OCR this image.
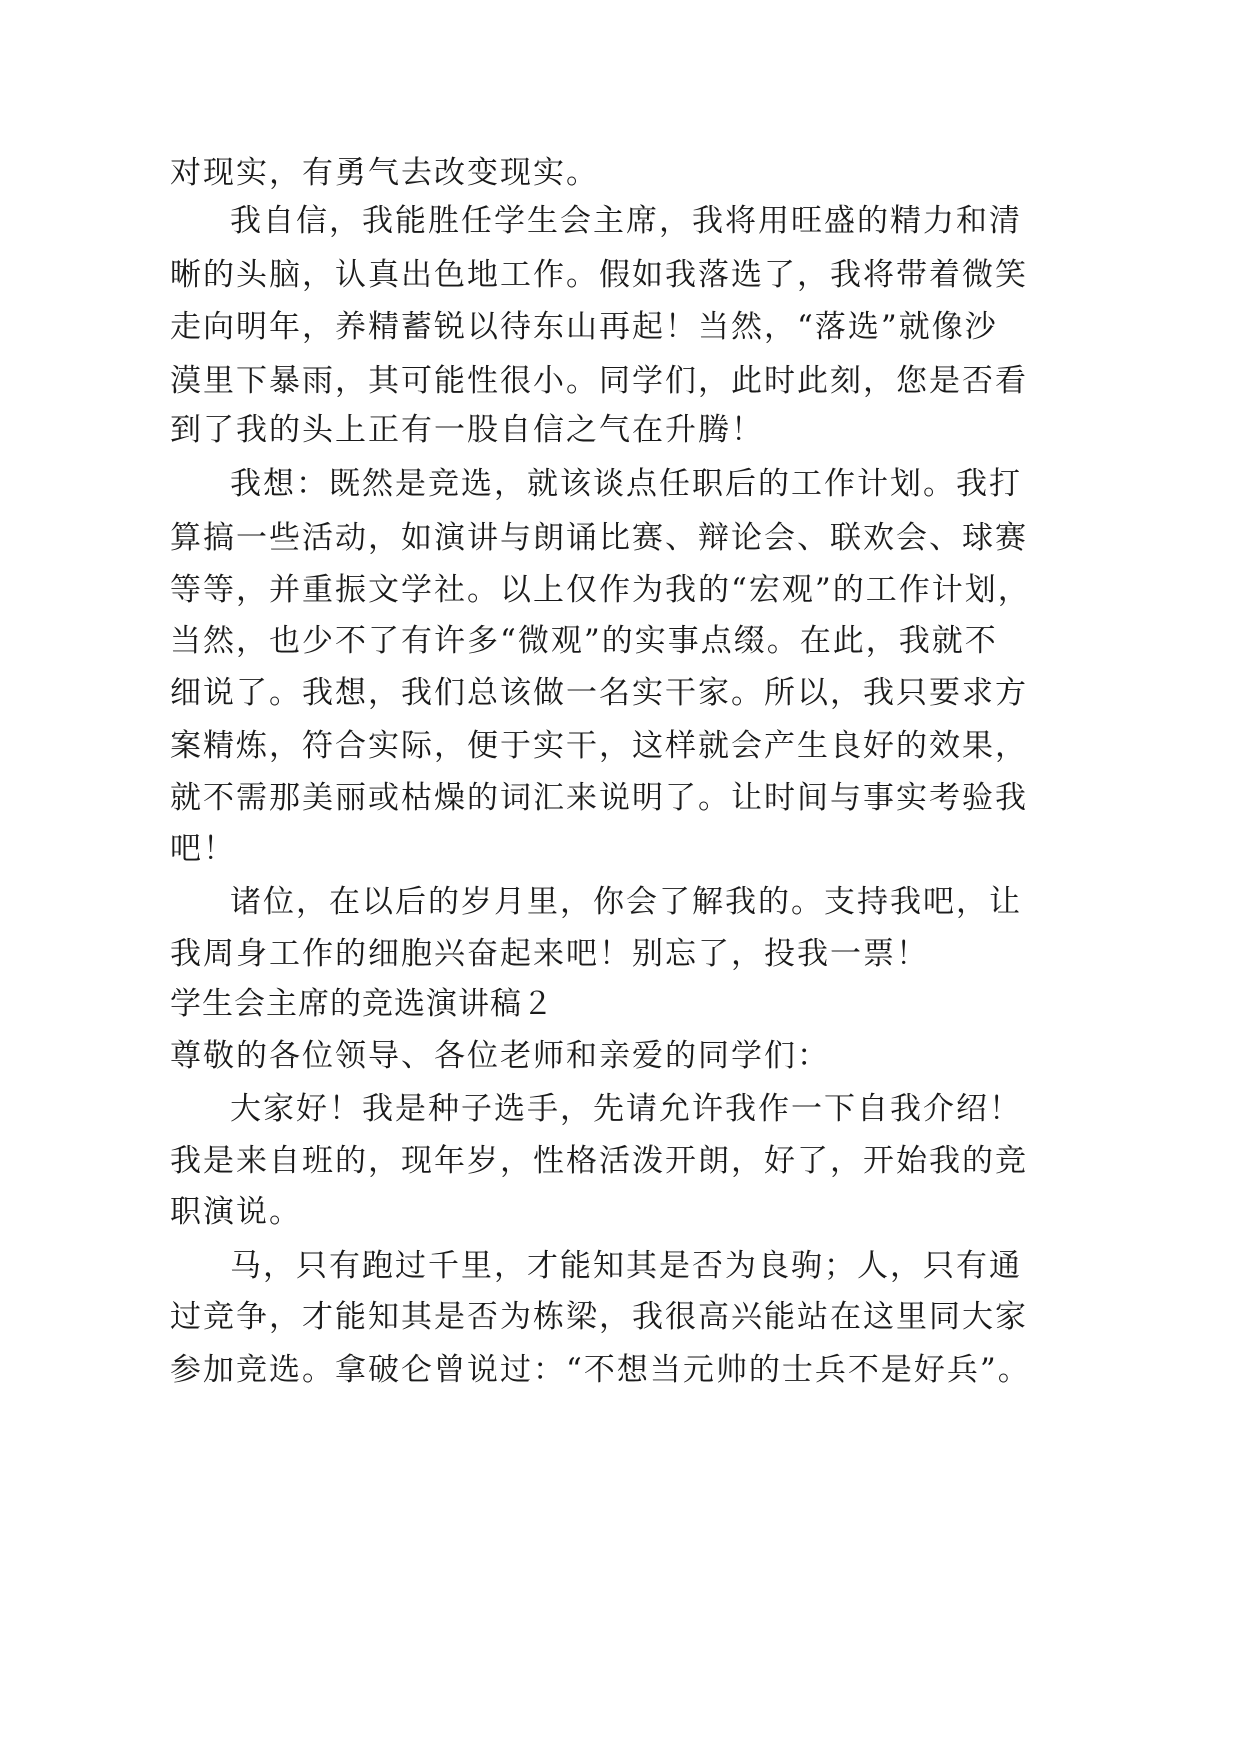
对现实，有勇气去改变现实。
我自信，我能胜任学生会主席，我将用旺盛的精力和清
晰的头脑，认真出色地工作。假如我落选了，我将带着微笑
走向明年，养精蓄锐以待东山再起！当然，“落选”就像沙
漠里下暴雨，其可能性很小。同学们，此时此刻，您是否看
到了我的头上正有一股自信之气在升腾！
我想：既然是竞选，就该谈点任职后的工作计划。我打
算搞一些活动，如演讲与朗诵比赛、辩论会、联欢会、球赛
等等，并重振文学社。以上仅作为我的“宏观”的工作计划，
当然，也少不了有许多“微观”的实事点缀。在此，我就不
细说了。我想，我们总该做一名实干家。所以，我只要求方
案精炼，符合实际，便于实干，这样就会产生良好的效果，
就不需那美丽或枯燥的词汇来说明了。让时间与事实考验我
吧！
诸位，在以后的岁月里，你会了解我的。支持我吧，让
我周身工作的细胞兴奋起来吧！别忘了，投我一票！
学生会主席的竞选演讲稿２
尊敬的各位领导、各位老师和亲爱的同学们：
大家好！我是种子选手，先请允许我作一下自我介绍！
我是来自班的，现年岁，性格活泼开朗，好了，开始我的竞
职演说。
马，只有跑过千里，才能知其是否为良驹；人，只有通
过竞争，才能知其是否为栋梁，我很高兴能站在这里同大家
参加竞选。拿破仑曾说过：“不想当元帅的士兵不是好兵”。
